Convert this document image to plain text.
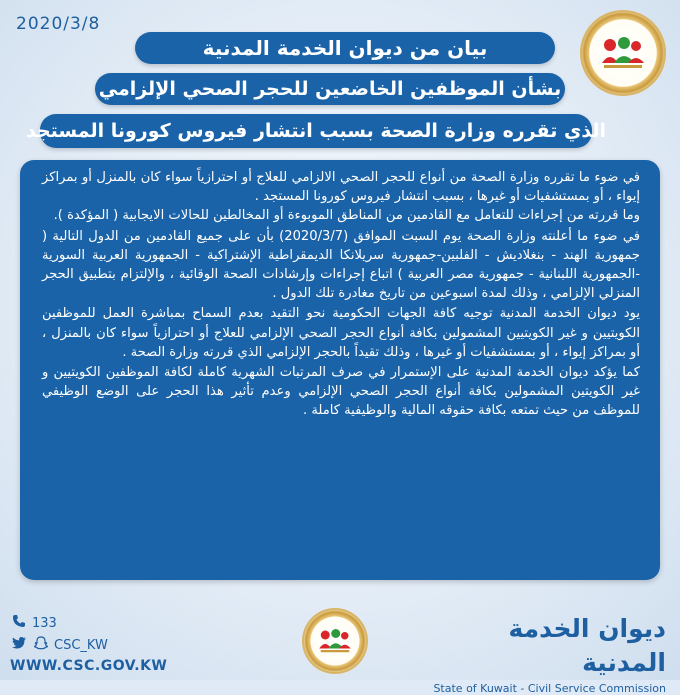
2020/3/8
بيان من ديوان الخدمة المدنية
بشأن الموظفين الخاضعين للحجر الصحي الإلزامي
الذي تقرره وزارة الصحة بسبب انتشار فيروس كورونا المستجد

في ضوء ما تقرره وزارة الصحة من أنواع للحجر الصحي الالزامي للعلاج أو احترازياً سواء كان بالمنزل أو بمراكز إيواء ، أو بمستشفيات أو غيرها ، بسبب انتشار فيروس كورونا المستجد .

وما قررته من إجراءات للتعامل مع القادمين من المناطق الموبوءة أو المخالطين للحالات الايجابية ( المؤكدة ).

في ضوء ما أعلنته وزارة الصحة يوم السبت الموافق (2020/3/7) بأن على جميع القادمين من الدول التالية ( جمهورية الهند - بنغلاديش - الفلبين-جمهورية سريلانكا الديمقراطية الإشتراكية - الجمهورية العربية السورية -الجمهورية اللبنانية - جمهورية مصر العربية ) اتباع إجراءات وإرشادات الصحة الوقائية ، والإلتزام بتطبيق الحجر المنزلي الإلزامي ، وذلك لمدة اسبوعين من تاريخ مغادرة تلك الدول .

يود ديوان الخدمة المدنية توجيه كافة الجهات الحكومية نحو التقيد بعدم السماح بمباشرة العمل للموظفين الكويتيين و غير الكويتيين المشمولين بكافة أنواع الحجر الصحي الإلزامي للعلاج أو احترازياً سواء كان بالمنزل ، أو بمراكز إيواء ، أو بمستشفيات أو غيرها ، وذلك تقيداً بالحجر الإلزامي الذي قررته وزارة الصحة .

كما يؤكد ديوان الخدمة المدنية على الإستمرار في صرف المرتبات الشهرية كاملة لكافة الموظفين الكويتيين و غير الكويتين المشمولين بكافة أنواع الحجر الصحي الإلزامي وعدم تأثير هذا الحجر على الوضع الوظيفي للموظف من حيث تمتعه بكافة حقوقه المالية والوظيفية كاملة .

133
CSC_KW
WWW.CSC.GOV.KW
ديوان الخدمة المدنية
State of Kuwait - Civil Service Commission
